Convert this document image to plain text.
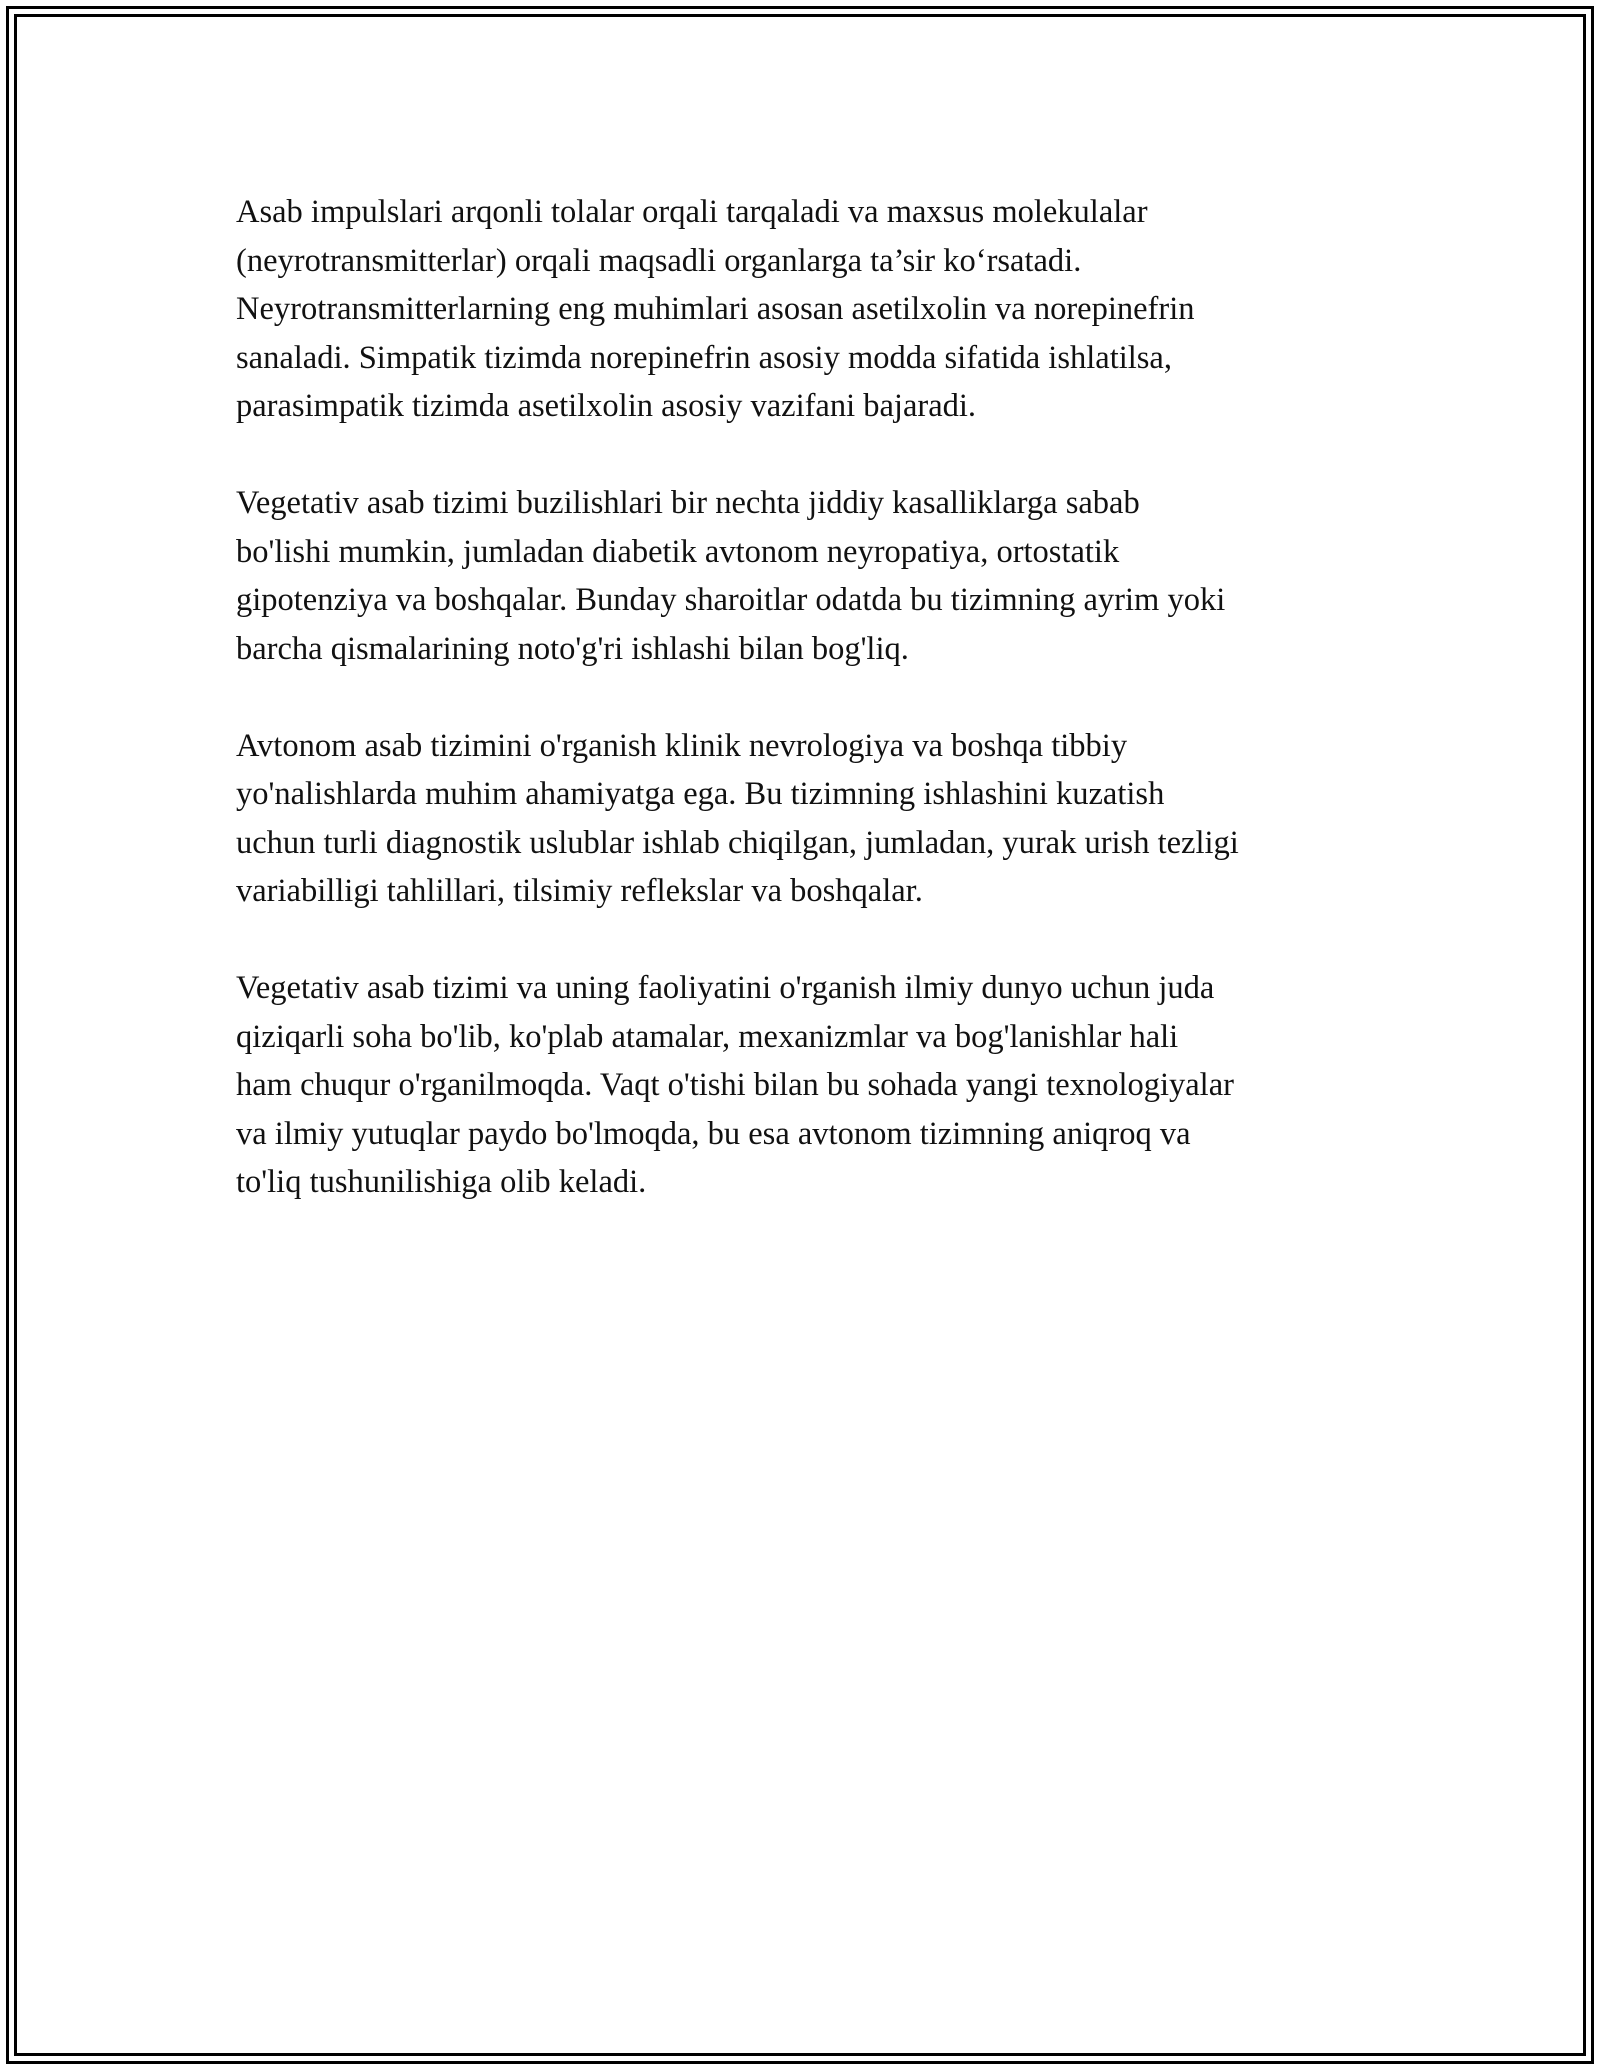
Asab impulslari arqonli tolalar orqali tarqaladi va maxsus molekulalar
(neyrotransmitterlar) orqali maqsadli organlarga ta’sir ko‘rsatadi.
Neyrotransmitterlarning eng muhimlari asosan asetilxolin va norepinefrin
sanaladi. Simpatik tizimda norepinefrin asosiy modda sifatida ishlatilsa,
parasimpatik tizimda asetilxolin asosiy vazifani bajaradi.

Vegetativ asab tizimi buzilishlari bir nechta jiddiy kasalliklarga sabab
bo'lishi mumkin, jumladan diabetik avtonom neyropatiya, ortostatik
gipotenziya va boshqalar. Bunday sharoitlar odatda bu tizimning ayrim yoki
barcha qismalarining noto'g'ri ishlashi bilan bog'liq.

Avtonom asab tizimini o'rganish klinik nevrologiya va boshqa tibbiy
yo'nalishlarda muhim ahamiyatga ega. Bu tizimning ishlashini kuzatish
uchun turli diagnostik uslublar ishlab chiqilgan, jumladan, yurak urish tezligi
variabilligi tahlillari, tilsimiy reflekslar va boshqalar.

Vegetativ asab tizimi va uning faoliyatini o'rganish ilmiy dunyo uchun juda
qiziqarli soha bo'lib, ko'plab atamalar, mexanizmlar va bog'lanishlar hali
ham chuqur o'rganilmoqda. Vaqt o'tishi bilan bu sohada yangi texnologiyalar
va ilmiy yutuqlar paydo bo'lmoqda, bu esa avtonom tizimning aniqroq va
to'liq tushunilishiga olib keladi.
